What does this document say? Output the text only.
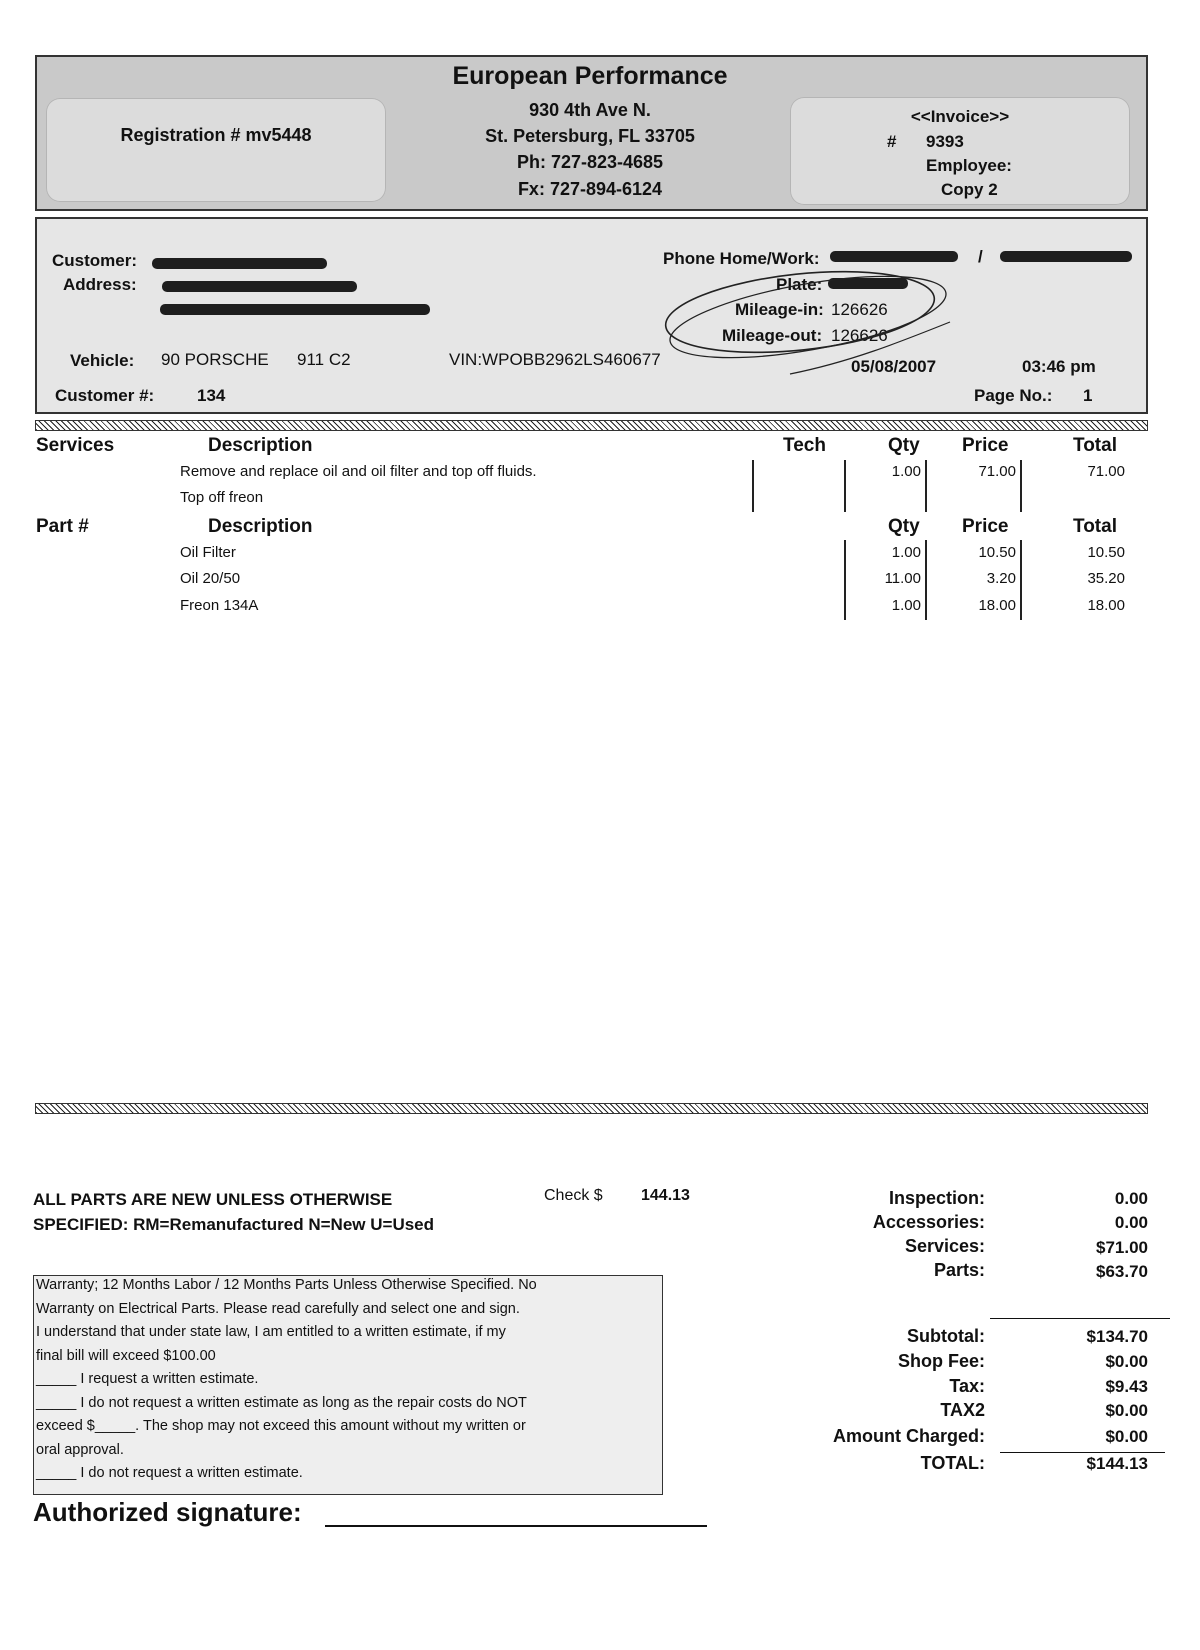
European Performance
930 4th Ave N.
St. Petersburg, FL 33705
Ph: 727-823-4685
Fx: 727-894-6124
Registration # mv5448
<<Invoice>>
# 9393
Employee:
Copy 2
Customer:
Address:
Phone Home/Work:	/
Plate:
Mileage-in: 126626
Mileage-out: 126626
Vehicle: 90 PORSCHE 911 C2	VIN:WPOBB2962LS460677	05/08/2007	03:46 pm
Customer #:	134	Page No.: 1
Services	Description	Tech	Qty Price	Total
Remove and replace oil and oil filter and top off fluids.	1.00	71.00	71.00
Top off freon
Part #	Description	Qty Price	Total
Oil Filter	1.00	10.50	10.50
Oil 20/50	11.00	3.20	35.20
Freon 134A	1.00	18.00	18.00
ALL PARTS ARE NEW UNLESS OTHERWISE
SPECIFIED: RM=Remanufactured N=New U=Used
Check $ 144.13
Warranty; 12 Months Labor / 12 Months Parts Unless Otherwise Specified. No
Warranty on Electrical Parts. Please read carefully and select one and sign.
I understand that under state law, I am entitled to a written estimate, if my
final bill will exceed $100.00
_____ I request a written estimate.
_____ I do not request a written estimate as long as the repair costs do NOT
exceed $_____. The shop may not exceed this amount without my written or
oral approval.
_____ I do not request a written estimate.
Authorized signature:
Inspection:	0.00
Accessories:	0.00
Services:	$71.00
Parts:	$63.70
Subtotal:	$134.70
Shop Fee:	$0.00
Tax:	$9.43
TAX2	$0.00
Amount Charged:	$0.00
TOTAL:	$144.13
